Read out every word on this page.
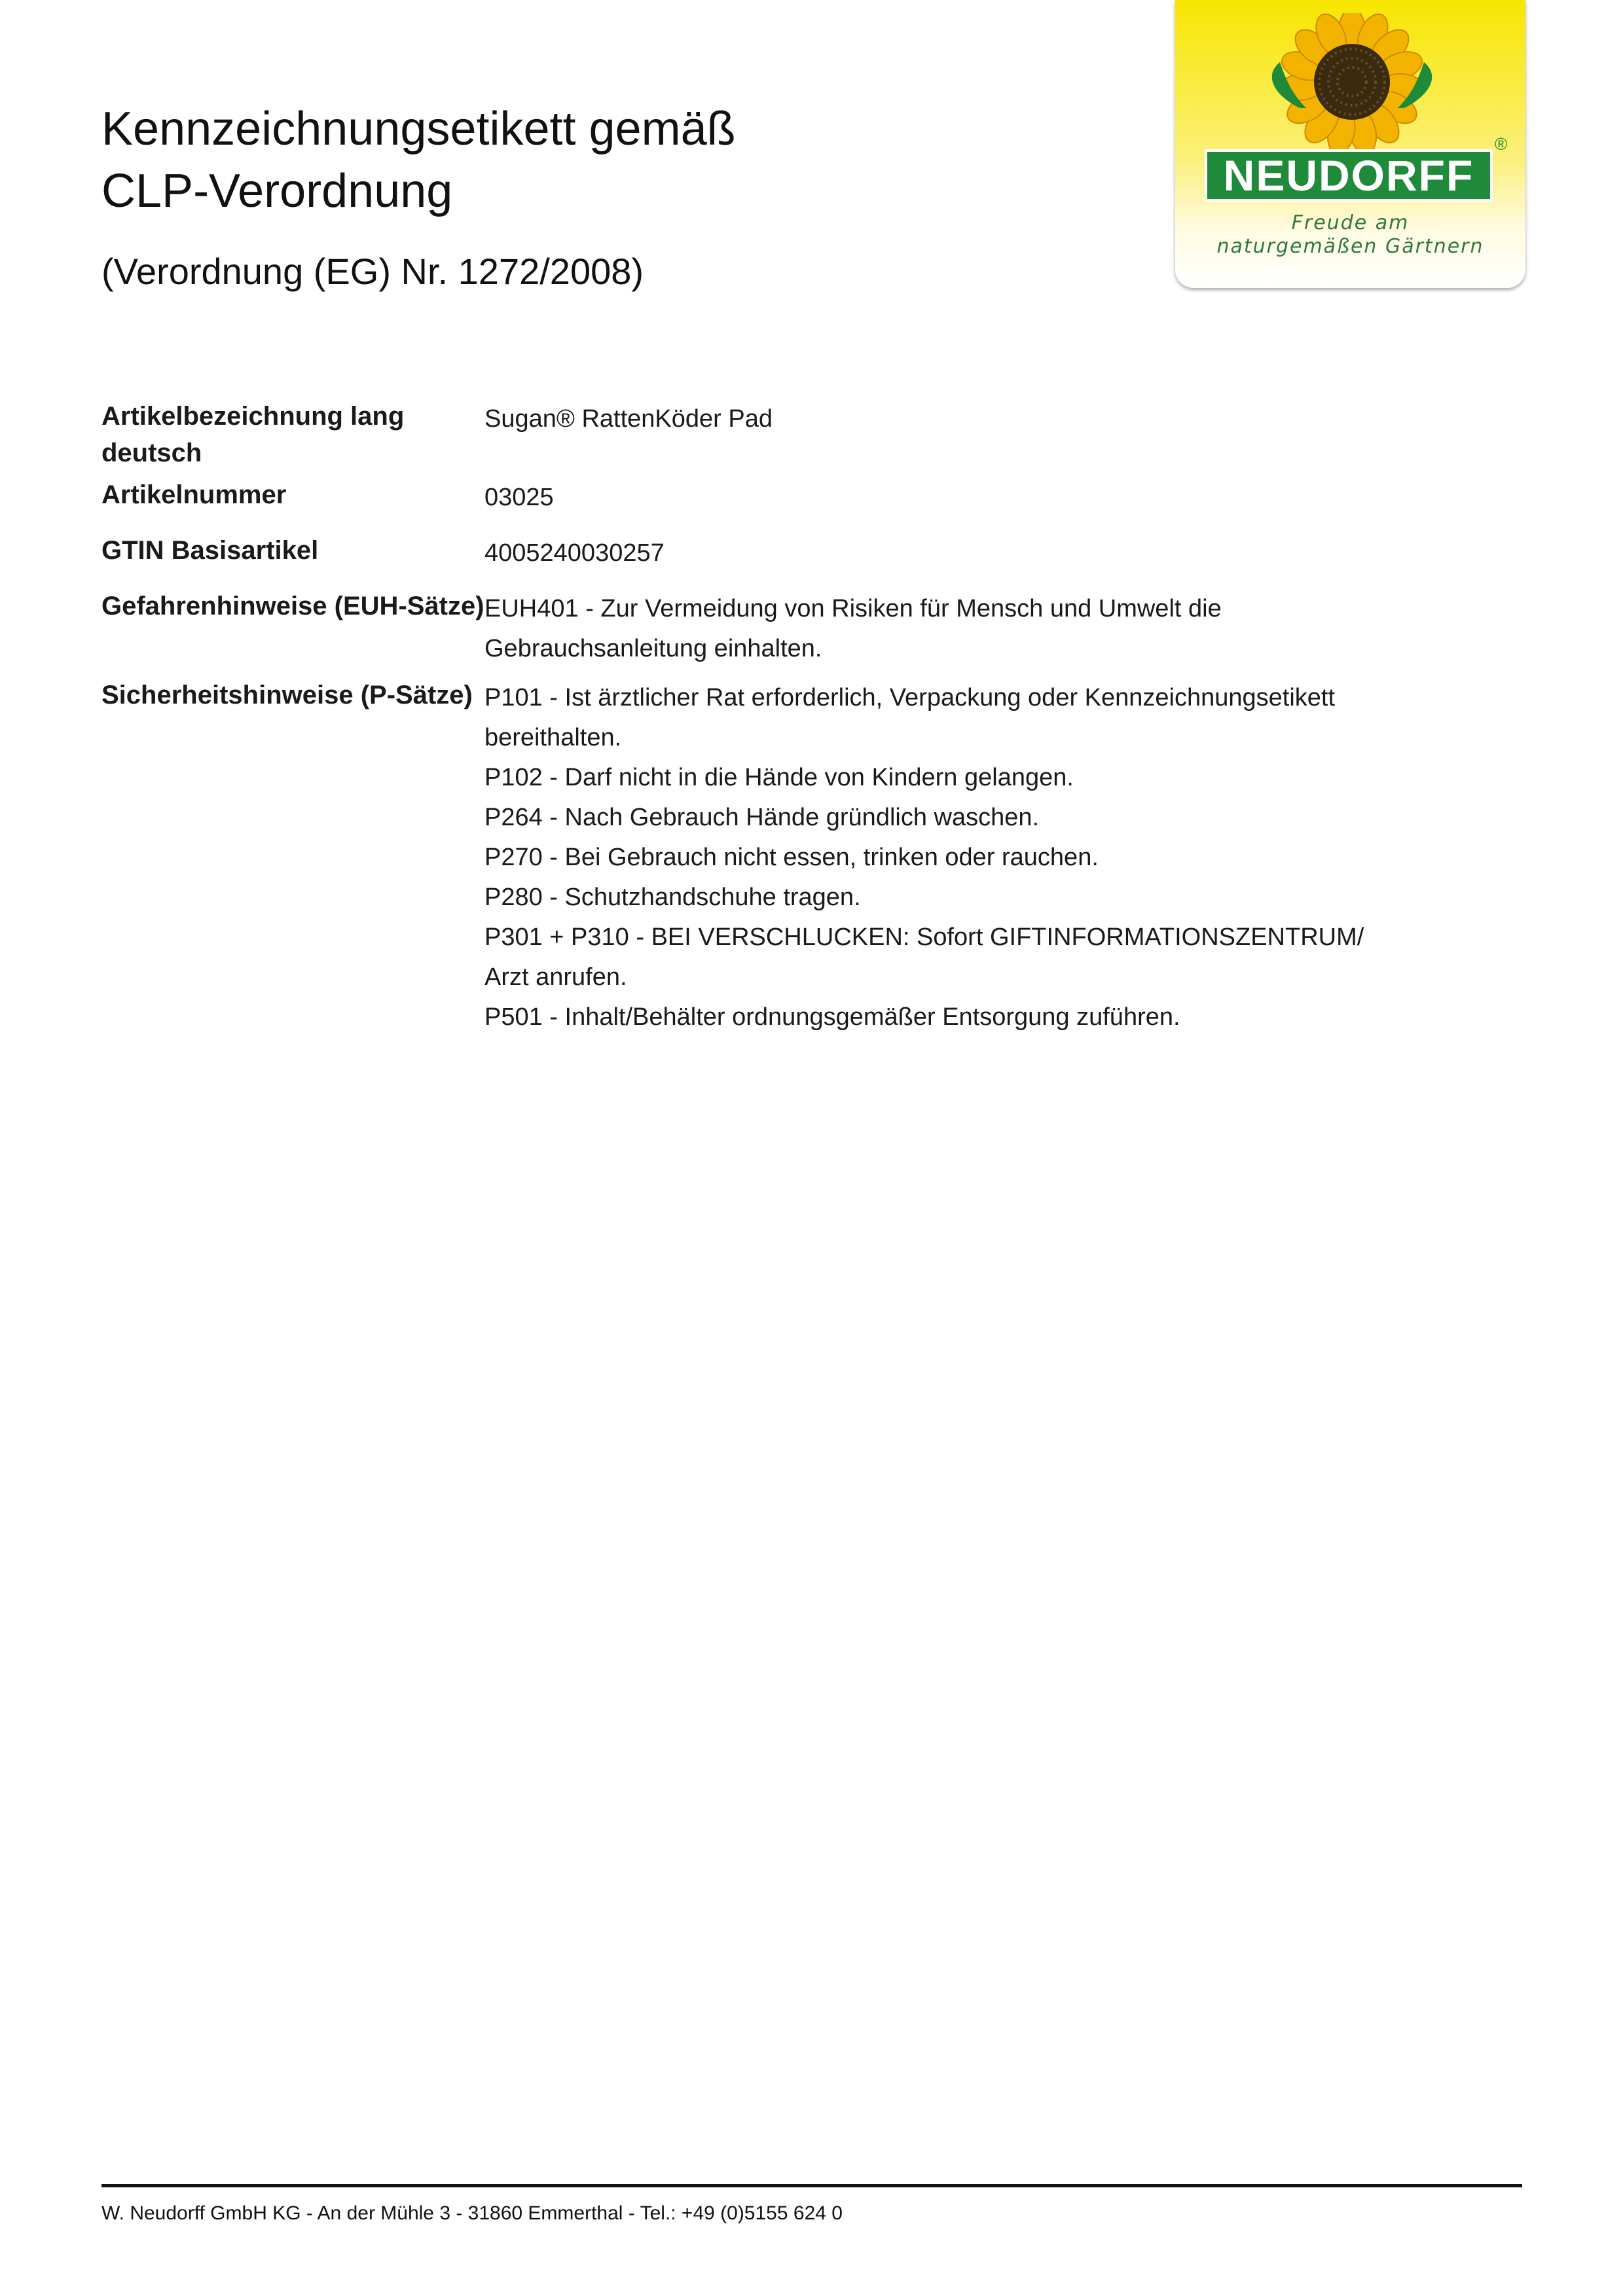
Kennzeichnungsetikett gemäß
CLP-Verordnung
(Verordnung (EG) Nr. 1272/2008)
NEUDORFF
®
Freude am
naturgemäßen Gärtnern
Artikelbezeichnung lang deutsch
Sugan® RattenKöder Pad
Artikelnummer	03025
GTIN Basisartikel	4005240030257
Gefahrenhinweise (EUH-Sätze) EUH401 - Zur Vermeidung von Risiken für Mensch und Umwelt die Gebrauchsanleitung einhalten.
Sicherheitshinweise (P-Sätze) P101 - Ist ärztlicher Rat erforderlich, Verpackung oder Kennzeichnungsetikett bereithalten.
P102 - Darf nicht in die Hände von Kindern gelangen.
P264 - Nach Gebrauch Hände gründlich waschen.
P270 - Bei Gebrauch nicht essen, trinken oder rauchen.
P280 - Schutzhandschuhe tragen.
P301 + P310 - BEI VERSCHLUCKEN: Sofort GIFTINFORMATIONSZENTRUM/ Arzt anrufen.
P501 - Inhalt/Behälter ordnungsgemäßer Entsorgung zuführen.
W. Neudorff GmbH KG - An der Mühle 3 - 31860 Emmerthal - Tel.: +49 (0)5155 624 0
